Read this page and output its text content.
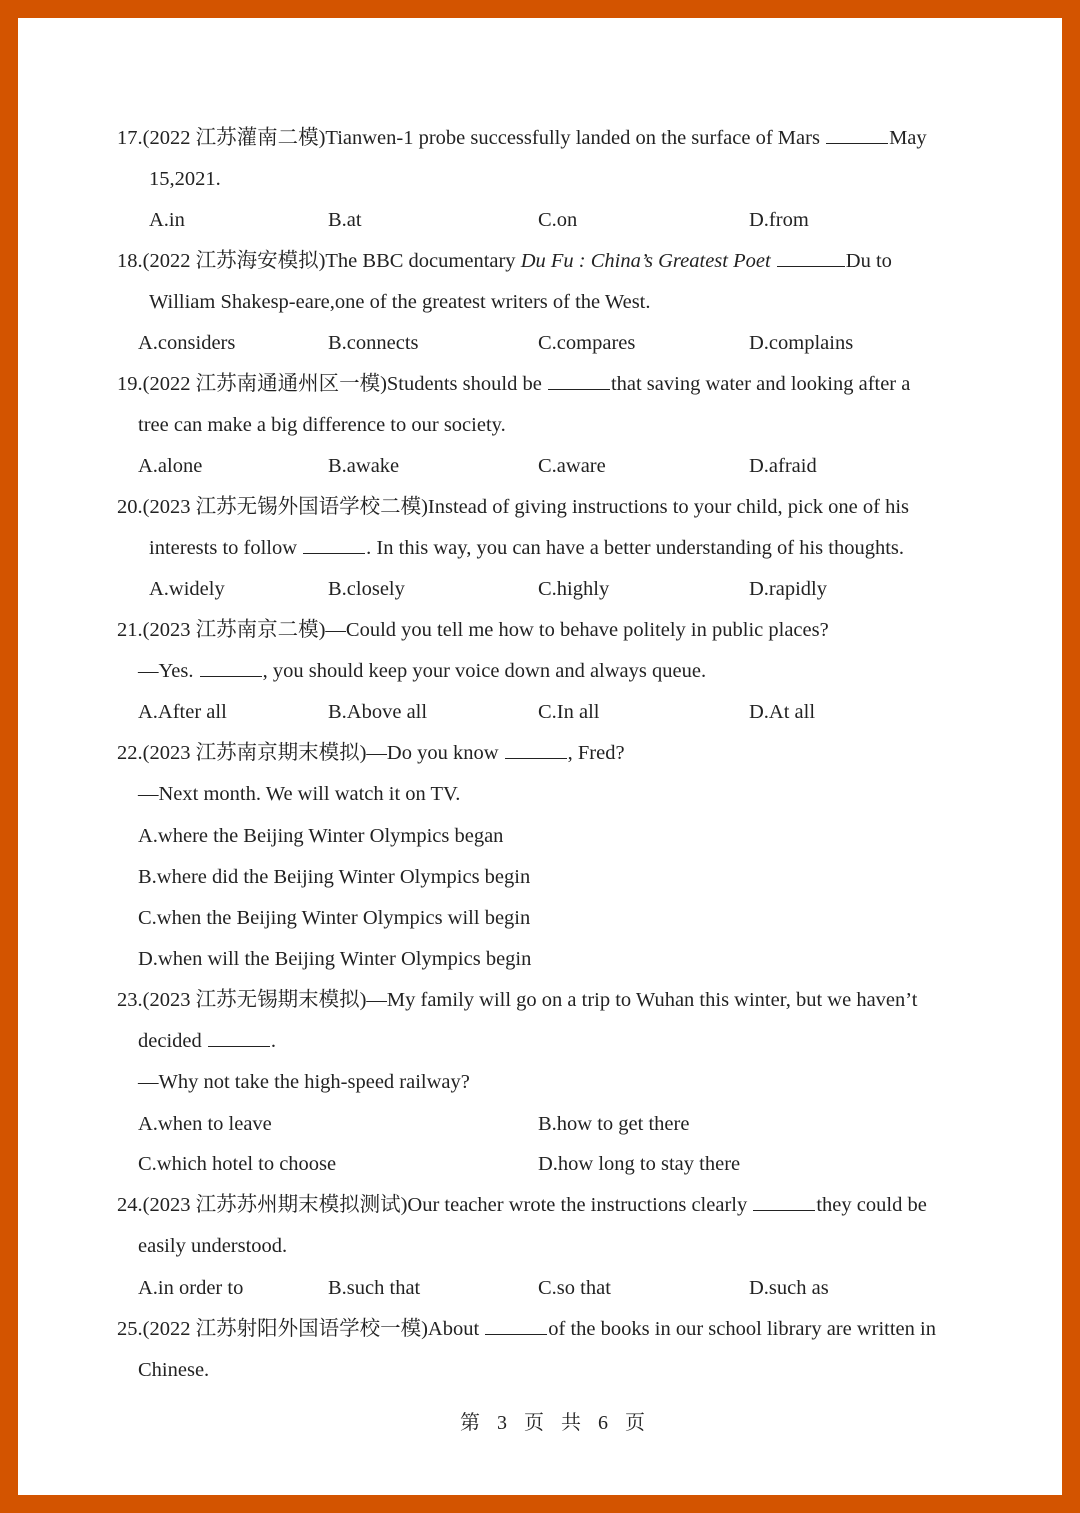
17.(2022 江苏灌南二模)Tianwen-1 probe successfully landed on the surface of Mars	May
15,2021.
A.in	B.at	C.on	D.from
18.(2022 江苏海安模拟)The BBC documentary Du Fu : China’s Greatest Poet	Du to
William Shakesp-eare,one of the greatest writers of the West.
A.considers	B.connects	C.compares	D.complains
19.(2022 江苏南通通州区一模)Students should be	that saving water and looking after a
tree can make a big difference to our society.
A.alone	B.awake	C.aware	D.afraid
20.(2023 江苏无锡外国语学校二模)Instead of giving instructions to your child, pick one of his
interests to follow	. In this way, you can have a better understanding of his thoughts.
A.widely	B.closely	C.highly	D.rapidly
21.(2023 江苏南京二模)—Could you tell me how to behave politely in public places?
—Yes.	, you should keep your voice down and always queue.
A.After all	B.Above all	C.In all	D.At all
22.(2023 江苏南京期末模拟)—Do you know	, Fred?
—Next month. We will watch it on TV.
A.where the Beijing Winter Olympics began
B.where did the Beijing Winter Olympics begin
C.when the Beijing Winter Olympics will begin
D.when will the Beijing Winter Olympics begin
23.(2023 江苏无锡期末模拟)—My family will go on a trip to Wuhan this winter, but we haven’t
decided	.
—Why not take the high-speed railway?
A.when to leave	B.how to get there
C.which hotel to choose	D.how long to stay there
24.(2023 江苏苏州期末模拟测试)Our teacher wrote the instructions clearly	they could be
easily understood.
A.in order to	B.such that	C.so that	D.such as
25.(2022 江苏射阳外国语学校一模)About	of the books in our school library are written in
Chinese.
第 3 页 共 6 页
